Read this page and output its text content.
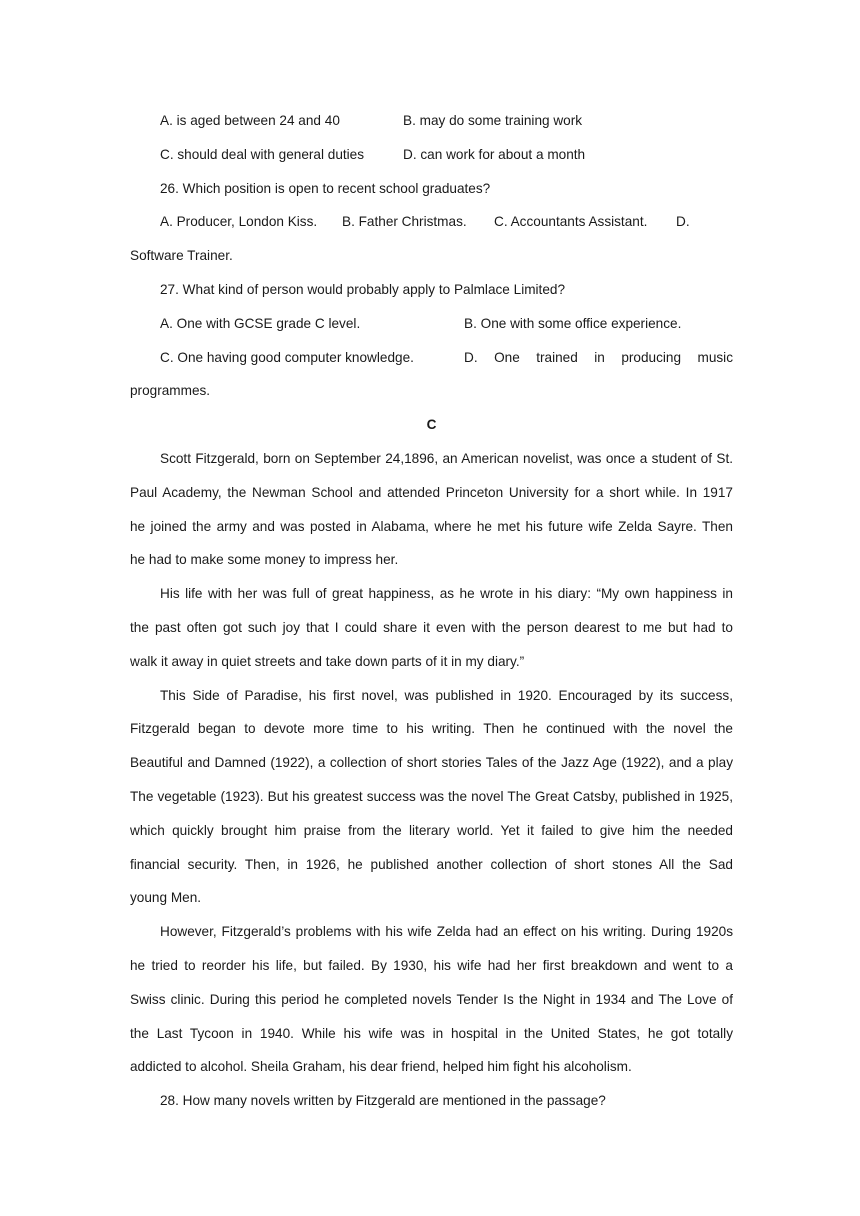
A. is aged between 24 and 40	B. may do some training work
C. should deal with general duties	D. can work for about a month
26. Which position is open to recent school graduates?
A. Producer, London Kiss. B. Father Christmas. C. Accountants Assistant. D.
Software Trainer.
27. What kind of person would probably apply to Palmlace Limited?
A. One with GCSE grade C level.	B. One with some office experience.
C. One having good computer knowledge.	D.  One  trained  in  producing  music
programmes.
C
Scott Fitzgerald, born on September 24,1896, an American novelist, was once a student of St.
Paul Academy, the Newman School and attended Princeton University for a short while. In 1917
he joined the army and was posted in Alabama, where he met his future wife Zelda Sayre. Then
he had to make some money to impress her.
His life with her was full of great happiness, as he wrote in his diary: “My own happiness in
the past often got such joy that I could share it even with the person dearest to me but had to
walk it away in quiet streets and take down parts of it in my diary.”
This Side of Paradise, his first novel, was published in 1920. Encouraged by its success,
Fitzgerald began to devote more time to his writing. Then he continued with the novel the
Beautiful and Damned (1922), a collection of short stories Tales of the Jazz Age (1922), and a play
The vegetable (1923). But his greatest success was the novel The Great Catsby, published in 1925,
which quickly brought him praise from the literary world. Yet it failed to give him the needed
financial security. Then, in 1926, he published another collection of short stones All the Sad
young Men.
However, Fitzgerald’s problems with his wife Zelda had an effect on his writing. During 1920s
he tried to reorder his life, but failed. By 1930, his wife had her first breakdown and went to a
Swiss clinic. During this period he completed novels Tender Is the Night in 1934 and The Love of
the Last Tycoon in 1940. While his wife was in hospital in the United States, he got totally
addicted to alcohol. Sheila Graham, his dear friend, helped him fight his alcoholism.
28. How many novels written by Fitzgerald are mentioned in the passage?
